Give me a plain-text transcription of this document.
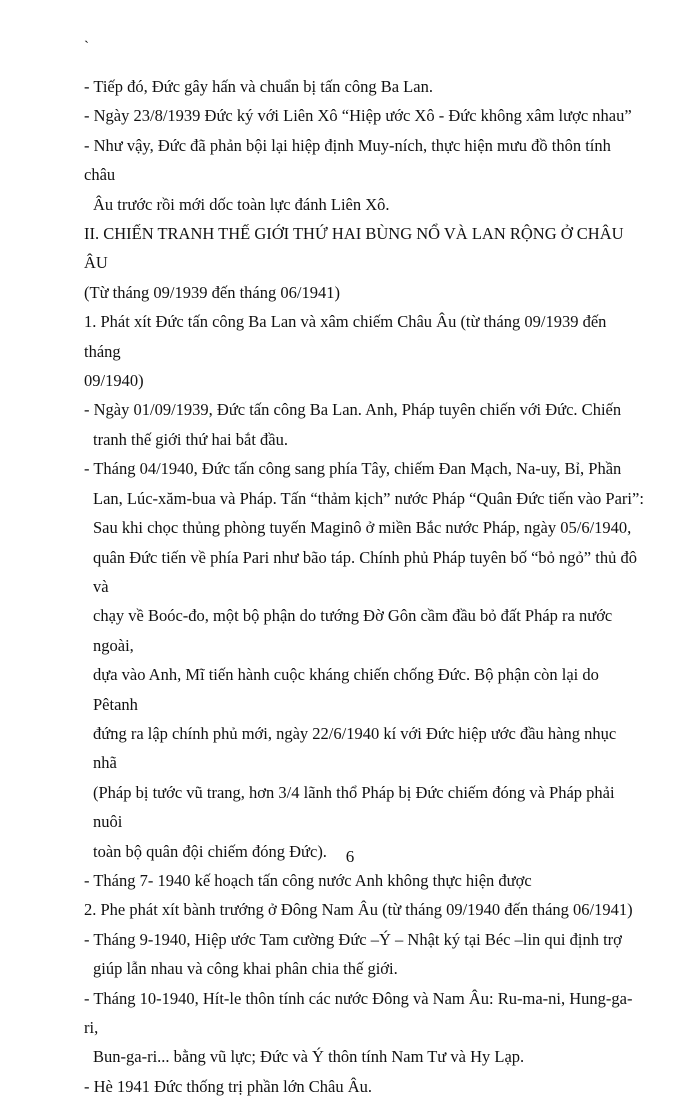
`

- Tiếp đó, Đức gây hấn và chuẩn bị tấn công Ba Lan.

- Ngày 23/8/1939 Đức ký với Liên Xô “Hiệp ước Xô - Đức không xâm lược nhau”

- Như vậy, Đức đã phản bội lại hiệp định Muy-ních, thực hiện mưu đồ thôn tính châu

Âu trước rồi mới dốc toàn lực đánh Liên Xô.

II. CHIẾN TRANH THẾ GIỚI THỨ HAI BÙNG NỔ VÀ LAN RỘNG Ở CHÂU ÂU

(Từ tháng 09/1939 đến tháng 06/1941)

1. Phát xít Đức tấn công Ba Lan và xâm chiếm Châu Âu (từ tháng 09/1939 đến tháng

09/1940)

- Ngày 01/09/1939, Đức tấn công Ba Lan. Anh, Pháp tuyên chiến với Đức. Chiến

tranh thế giới thứ hai bắt đầu.

- Tháng 04/1940, Đức tấn công sang phía Tây, chiếm Đan Mạch, Na-uy, Bỉ, Phần

Lan, Lúc-xăm-bua và Pháp. Tấn “thảm kịch” nước Pháp “Quân Đức tiến vào Pari”:

Sau khi chọc thủng phòng tuyến Maginô ở miền Bắc nước Pháp, ngày 05/6/1940,

quân Đức tiến về phía Pari như bão táp. Chính phủ Pháp tuyên bố “bỏ ngỏ” thủ đô và

chạy về Boóc-đo, một bộ phận do tướng Đờ Gôn cầm đầu bỏ đất Pháp ra nước ngoài,

dựa vào Anh, Mĩ tiến hành cuộc kháng chiến chống Đức. Bộ phận còn lại do Pêtanh

đứng ra lập chính phủ mới, ngày 22/6/1940 kí với Đức hiệp ước đầu hàng nhục nhã

(Pháp bị tước vũ trang, hơn 3/4 lãnh thổ Pháp bị Đức chiếm đóng và Pháp phải nuôi

toàn bộ quân đội chiếm đóng Đức).

- Tháng 7- 1940 kế hoạch tấn công nước Anh không thực hiện được

2. Phe phát xít bành trướng ở Đông Nam Âu (từ tháng 09/1940 đến tháng 06/1941)

- Tháng 9-1940, Hiệp ước Tam cường Đức –Ý – Nhật ký tại Béc –lin qui định trợ

giúp lẫn nhau và công khai phân chia thế giới.

- Tháng 10-1940, Hít-le thôn tính các nước Đông và Nam Âu: Ru-ma-ni, Hung-ga-ri,

Bun-ga-ri... bằng vũ lực; Đức và Ý thôn tính Nam Tư và Hy Lạp.

- Hè 1941 Đức thống trị phần lớn Châu Âu.

6
